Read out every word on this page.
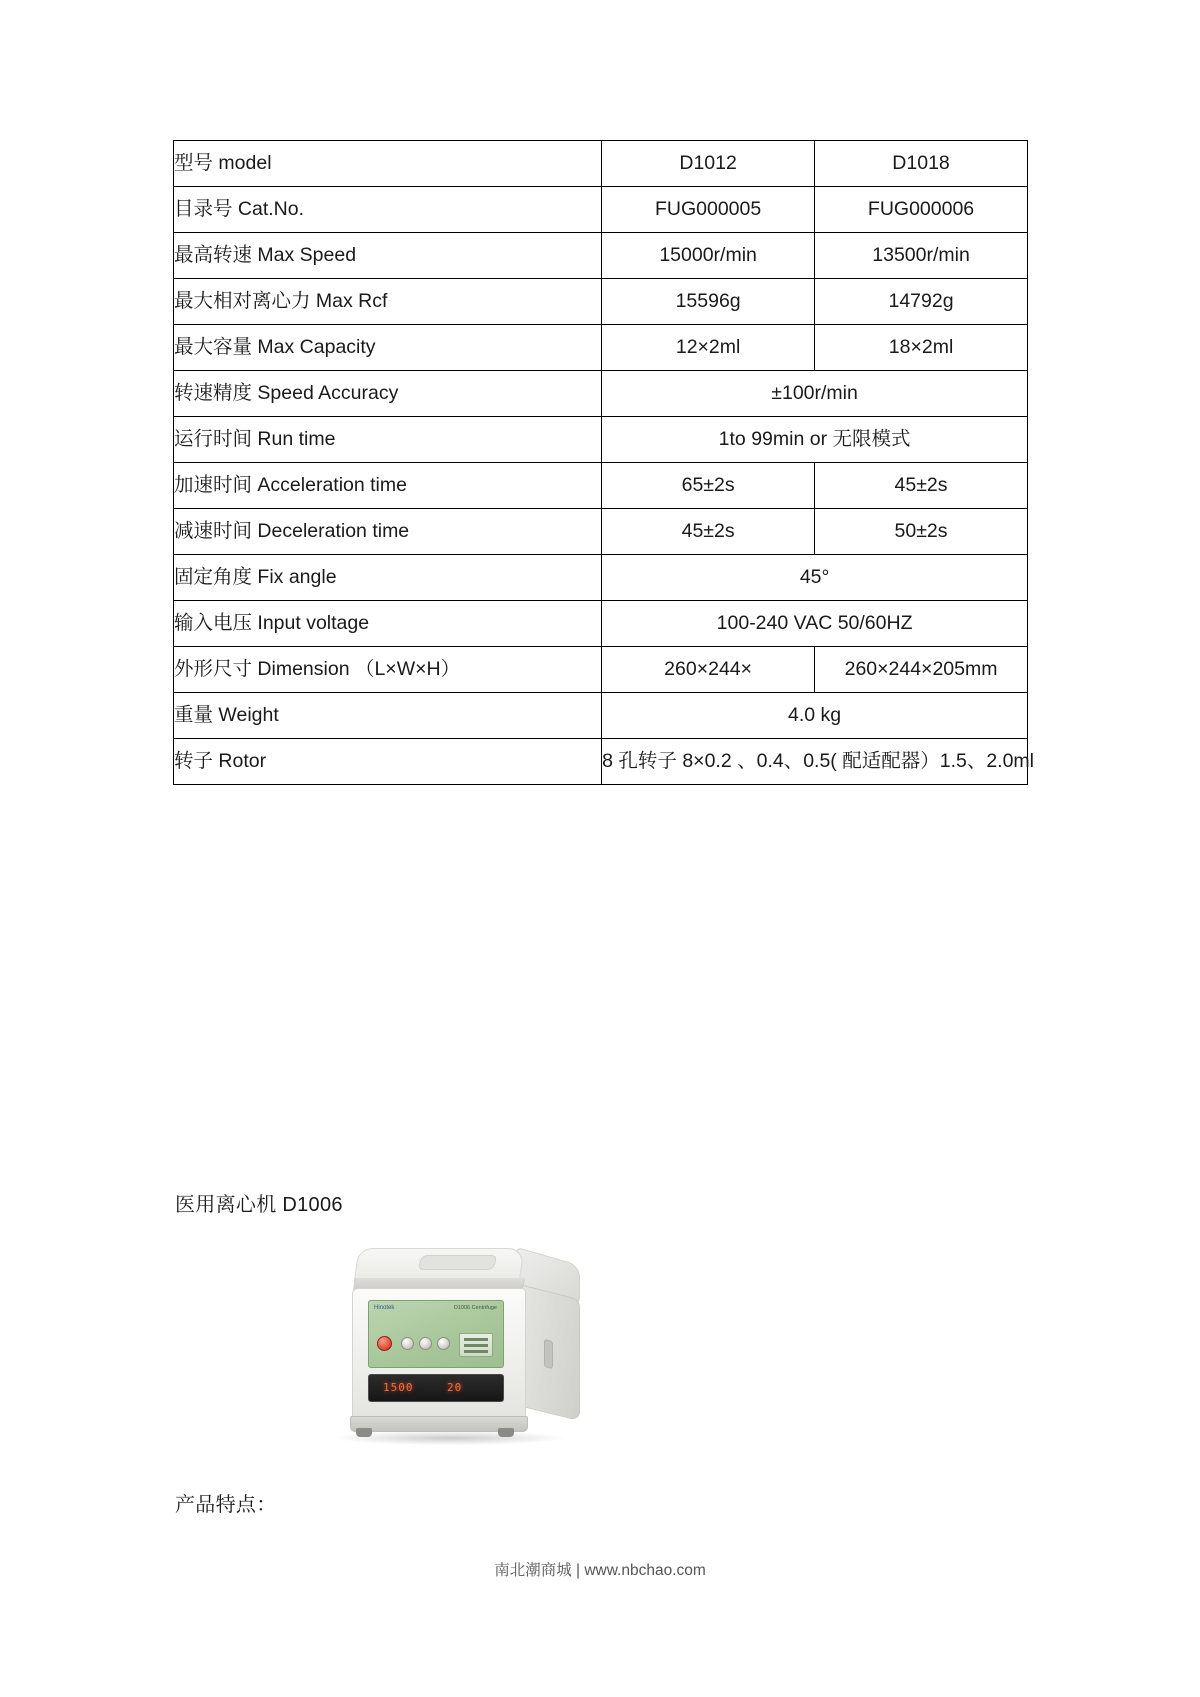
型号 model	D1012	D1018
目录号 Cat.No.	FUG000005	FUG000006
最高转速 Max Speed	15000r/min	13500r/min
最大相对离心力 Max Rcf	15596g	14792g
最大容量 Max Capacity	12×2ml	18×2ml
转速精度 Speed Accuracy	±100r/min	
运行时间 Run time	1to 99min or 无限模式	
加速时间 Acceleration time	65±2s	45±2s
减速时间 Deceleration time	45±2s	50±2s
固定角度 Fix angle	45°	
输入电压 Input voltage	100-240 VAC 50/60HZ	
外形尺寸 Dimension （L×W×H）	260×244×	260×244×205mm
重量 Weight	4.0 kg	
转子 Rotor	8 孔转子 8×0.2 、0.4、0.5( 配适配器）1.5、2.0ml	
医用离心机 D1006
Hinotek	D1006 Centrifuge
1500	20
产品特点：
南北潮商城 | www.nbchao.com
